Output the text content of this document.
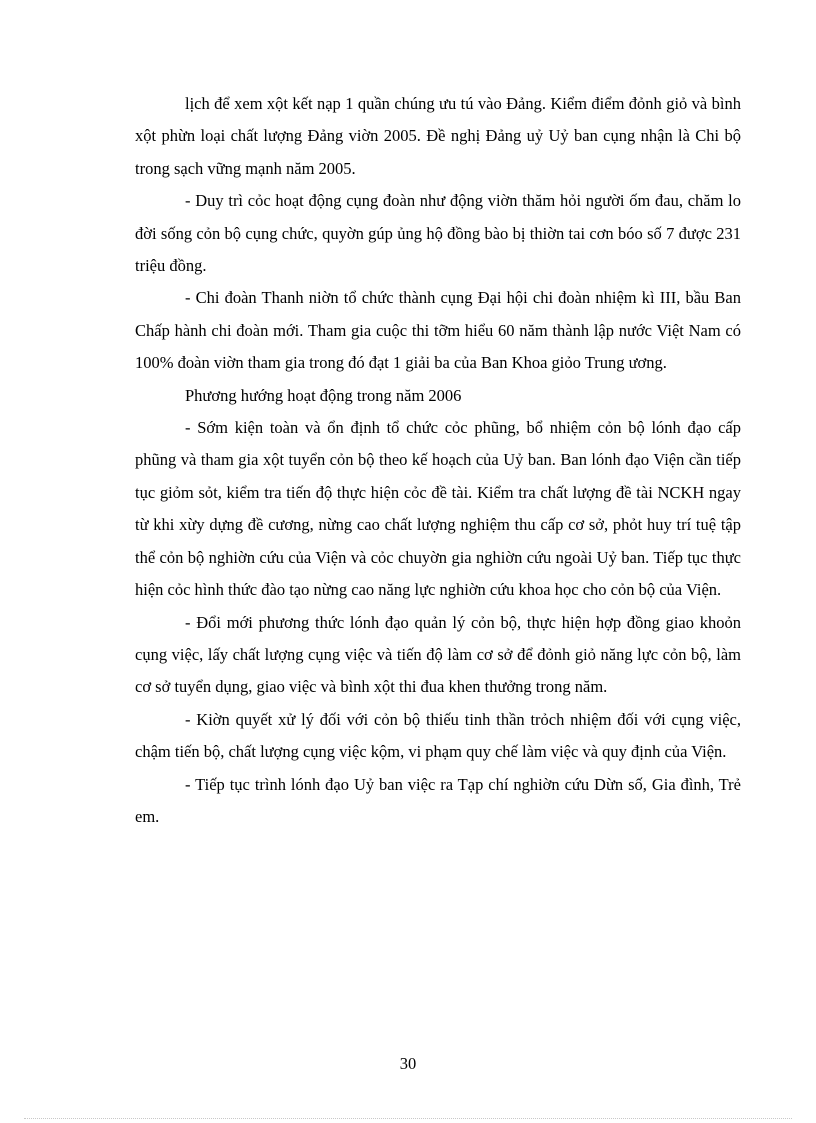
lịch để xem xột kết nạp 1 quần chúng ưu tú vào Đảng. Kiểm điểm đỏnh giỏ và bình xột phừn loại chất lượng Đảng viờn 2005. Đề nghị Đảng uỷ Uỷ ban cụng nhận là Chi bộ trong sạch vững mạnh năm 2005.

- Duy trì cỏc hoạt động cụng đoàn như động viờn thăm hỏi người ốm đau, chăm lo đời sống cỏn bộ cụng chức, quyờn gúp ủng hộ đồng bào bị thiờn tai cơn bóo số 7 được 231 triệu đồng.

- Chi đoàn Thanh niờn tổ chức thành cụng Đại hội chi đoàn nhiệm kì III, bầu Ban Chấp hành chi đoàn mới. Tham gia cuộc thi tỡm hiểu 60 năm thành lập nước Việt Nam có 100% đoàn viờn tham gia trong đó đạt 1 giải ba của Ban Khoa giỏo Trung ương.

Phương hướng hoạt động trong năm 2006

- Sớm kiện toàn và ổn định tổ chức cỏc phũng, bổ nhiệm cỏn bộ lónh đạo cấp phũng và tham gia xột tuyển cỏn bộ theo kế hoạch của Uỷ ban. Ban lónh đạo Viện cần tiếp tục giỏm sỏt, kiểm tra tiến độ thực hiện cỏc đề tài. Kiểm tra chất lượng đề tài NCKH ngay từ khi xừy dựng đề cương, nừng cao chất lượng nghiệm thu cấp cơ sở, phỏt huy trí tuệ tập thể cỏn bộ nghiờn cứu của Viện và cỏc chuyờn gia nghiờn cứu ngoài Uỷ ban. Tiếp tục thực hiện cỏc hình thức đào tạo nừng cao năng lực nghiờn cứu khoa học cho cỏn bộ của Viện.

- Đổi mới phương thức lónh đạo quản lý cỏn bộ, thực hiện hợp đồng giao khoỏn cụng việc, lấy chất lượng cụng việc và tiến độ làm cơ sở để đỏnh giỏ năng lực cỏn bộ, làm cơ sở tuyển dụng, giao việc và bình xột thi đua khen thưởng trong năm.

- Kiờn quyết xử lý đối với cỏn bộ thiếu tinh thần trỏch nhiệm đối với cụng việc, chậm tiến bộ, chất lượng cụng việc kộm, vi phạm quy chế làm việc và quy định của Viện.

- Tiếp tục trình lónh đạo Uỷ ban việc ra Tạp chí nghiờn cứu Dừn số, Gia đình, Trẻ em.

30
